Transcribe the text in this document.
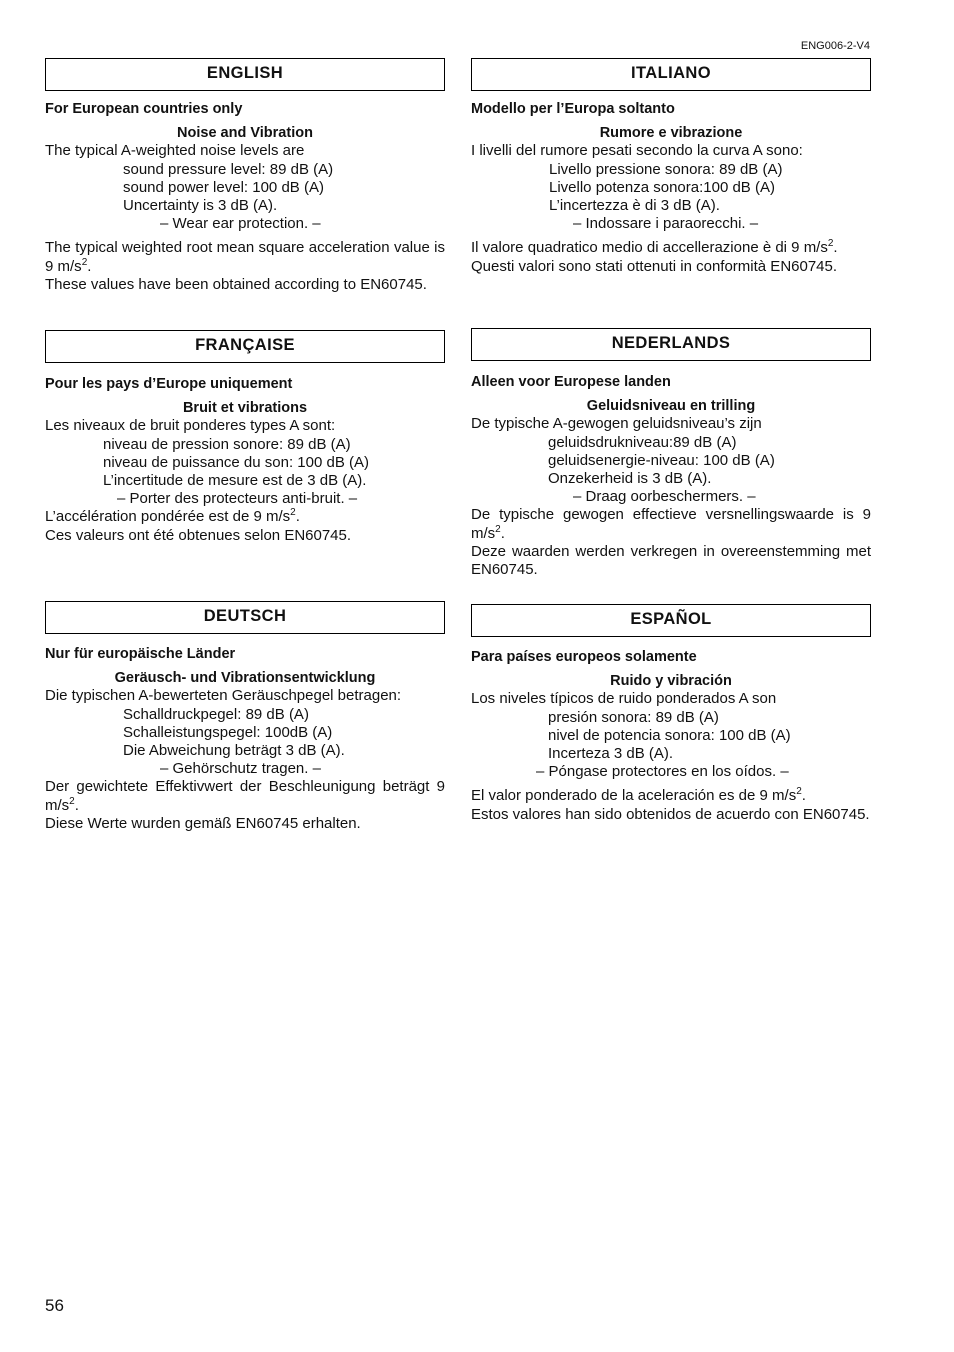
ENG006-2-V4
ENGLISH
For European countries only
Noise and Vibration
The typical A-weighted noise levels are
sound pressure level: 89 dB (A)
sound power level: 100 dB (A)
Uncertainty is 3 dB (A).
– Wear ear protection. –
The typical weighted root mean square acceleration value is 9 $m/s^2$.
These values have been obtained according to EN60745.
ITALIANO
Modello per l’Europa soltanto
Rumore e vibrazione
I livelli del rumore pesati secondo la curva A sono:
Livello pressione sonora: 89 dB (A)
Livello potenza sonora:100 dB (A)
L’incertezza è di 3 dB (A).
– Indossare i paraorecchi. –
Il valore quadratico medio di accellerazione è di 9 $m/s^2$.
Questi valori sono stati ottenuti in conformità EN60745.
FRANÇAISE
Pour les pays d’Europe uniquement
Bruit et vibrations
Les niveaux de bruit ponderes types A sont:
niveau de pression sonore: 89 dB (A)
niveau de puissance du son: 100 dB (A)
L’incertitude de mesure est de 3 dB (A).
– Porter des protecteurs anti-bruit. –
L’accélération pondérée est de 9 $m/s^2$.
Ces valeurs ont été obtenues selon EN60745.
NEDERLANDS
Alleen voor Europese landen
Geluidsniveau en trilling
De typische A-gewogen geluidsniveau’s zijn
geluidsdrukniveau:89 dB (A)
geluidsenergie-niveau: 100 dB (A)
Onzekerheid is 3 dB (A).
– Draag oorbeschermers. –
De typische gewogen effectieve versnellingswaarde is 9 $m/s^2$.
Deze waarden werden verkregen in overeenstemming met EN60745.
DEUTSCH
Nur für europäische Länder
Geräusch- und Vibrationsentwicklung
Die typischen A-bewerteten Geräuschpegel betragen:
Schalldruckpegel: 89 dB (A)
Schalleistungspegel: 100dB (A)
Die Abweichung beträgt 3 dB (A).
– Gehörschutz tragen. –
Der gewichtete Effektivwert der Beschleunigung beträgt 9 $m/s^2$.
Diese Werte wurden gemäß EN60745 erhalten.
ESPAÑOL
Para países europeos solamente
Ruido y vibración
Los niveles típicos de ruido ponderados A son
presión sonora: 89 dB (A)
nivel de potencia sonora: 100 dB (A)
Incerteza 3 dB (A).
– Póngase protectores en los oídos. –
El valor ponderado de la aceleración es de 9 $m/s^2$.
Estos valores han sido obtenidos de acuerdo con EN60745.
56
